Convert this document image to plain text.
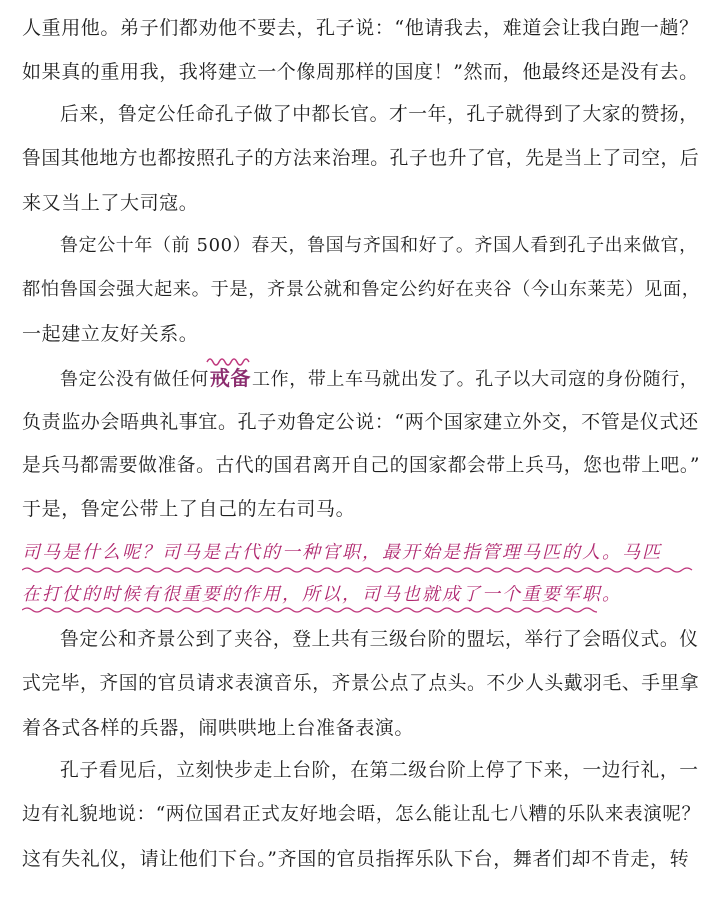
人重用他。弟子们都劝他不要去，孔子说：“他请我去，难道会让我白跑一趟？
如果真的重用我，我将建立一个像周那样的国度！”然而，他最终还是没有去。
后来，鲁定公任命孔子做了中都长官。才一年，孔子就得到了大家的赞扬，
鲁国其他地方也都按照孔子的方法来治理。孔子也升了官，先是当上了司空，后
来又当上了大司寇。
鲁定公十年（前 500）春天，鲁国与齐国和好了。齐国人看到孔子出来做官，
都怕鲁国会强大起来。于是，齐景公就和鲁定公约好在夹谷（今山东莱芜）见面，
一起建立友好关系。
鲁定公没有做任何
戒备工作，带上车马就出发了。孔子以大司寇的身份随行，
负责监办会晤典礼事宜。孔子劝鲁定公说：“两个国家建立外交，不管是仪式还
是兵马都需要做准备。古代的国君离开自己的国家都会带上兵马，您也带上吧。”
于是，鲁定公带上了自己的左右司马。
司马是什么呢？司马是古代的一种官职，最开始是指管理马匹的人。马匹
在打仗的时候有很重要的作用，所以，司马也就成了一个重要军职。
鲁定公和齐景公到了夹谷，登上共有三级台阶的盟坛，举行了会晤仪式。仪
式完毕，齐国的官员请求表演音乐，齐景公点了点头。不少人头戴羽毛、手里拿
着各式各样的兵器，闹哄哄地上台准备表演。
孔子看见后，立刻快步走上台阶，在第二级台阶上停了下来，一边行礼，一
边有礼貌地说：“两位国君正式友好地会晤，怎么能让乱七八糟的乐队来表演呢？
这有失礼仪，请让他们下台。”齐国的官员指挥乐队下台，舞者们却不肯走，转
